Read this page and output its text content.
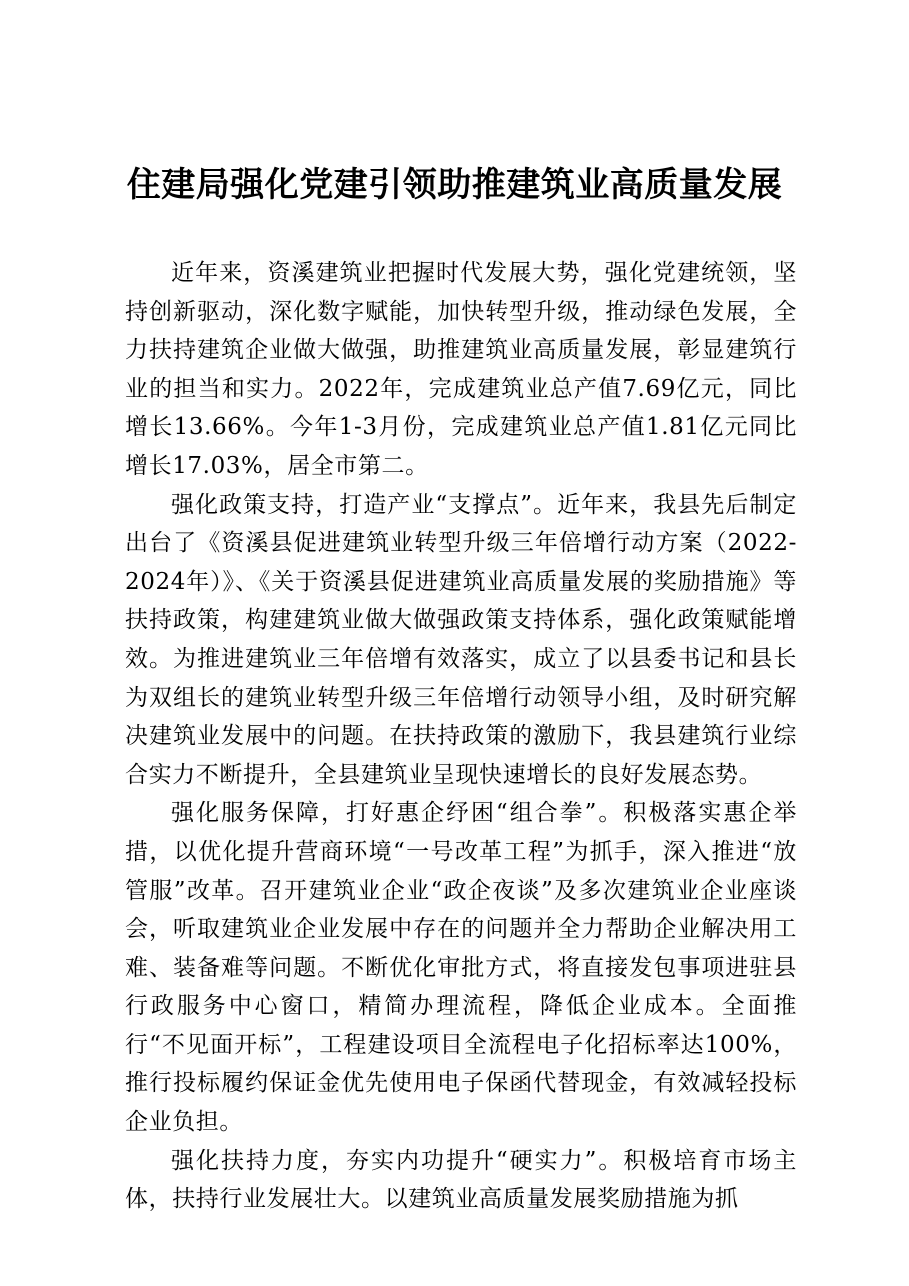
住建局强化党建引领助推建筑业高质量发展

近年来，资溪建筑业把握时代发展大势，强化党建统领，坚持创新驱动，深化数字赋能，加快转型升级，推动绿色发展，全力扶持建筑企业做大做强，助推建筑业高质量发展，彰显建筑行业的担当和实力。2022年，完成建筑业总产值7.69亿元，同比增长13.66%。今年1-3月份，完成建筑业总产值1.81亿元同比增长17.03%，居全市第二。

强化政策支持，打造产业“支撑点”。近年来，我县先后制定出台了《资溪县促进建筑业转型升级三年倍增行动方案（2022-2024年）》、《关于资溪县促进建筑业高质量发展的奖励措施》等扶持政策，构建建筑业做大做强政策支持体系，强化政策赋能增效。为推进建筑业三年倍增有效落实，成立了以县委书记和县长为双组长的建筑业转型升级三年倍增行动领导小组，及时研究解决建筑业发展中的问题。在扶持政策的激励下，我县建筑行业综合实力不断提升，全县建筑业呈现快速增长的良好发展态势。

强化服务保障，打好惠企纾困“组合拳”。积极落实惠企举措，以优化提升营商环境“一号改革工程”为抓手，深入推进“放管服”改革。召开建筑业企业“政企夜谈”及多次建筑业企业座谈会，听取建筑业企业发展中存在的问题并全力帮助企业解决用工难、装备难等问题。不断优化审批方式，将直接发包事项进驻县行政服务中心窗口，精简办理流程，降低企业成本。全面推行“不见面开标”，工程建设项目全流程电子化招标率达100%，推行投标履约保证金优先使用电子保函代替现金，有效减轻投标企业负担。

强化扶持力度，夯实内功提升“硬实力”。积极培育市场主体，扶持行业发展壮大。以建筑业高质量发展奖励措施为抓
